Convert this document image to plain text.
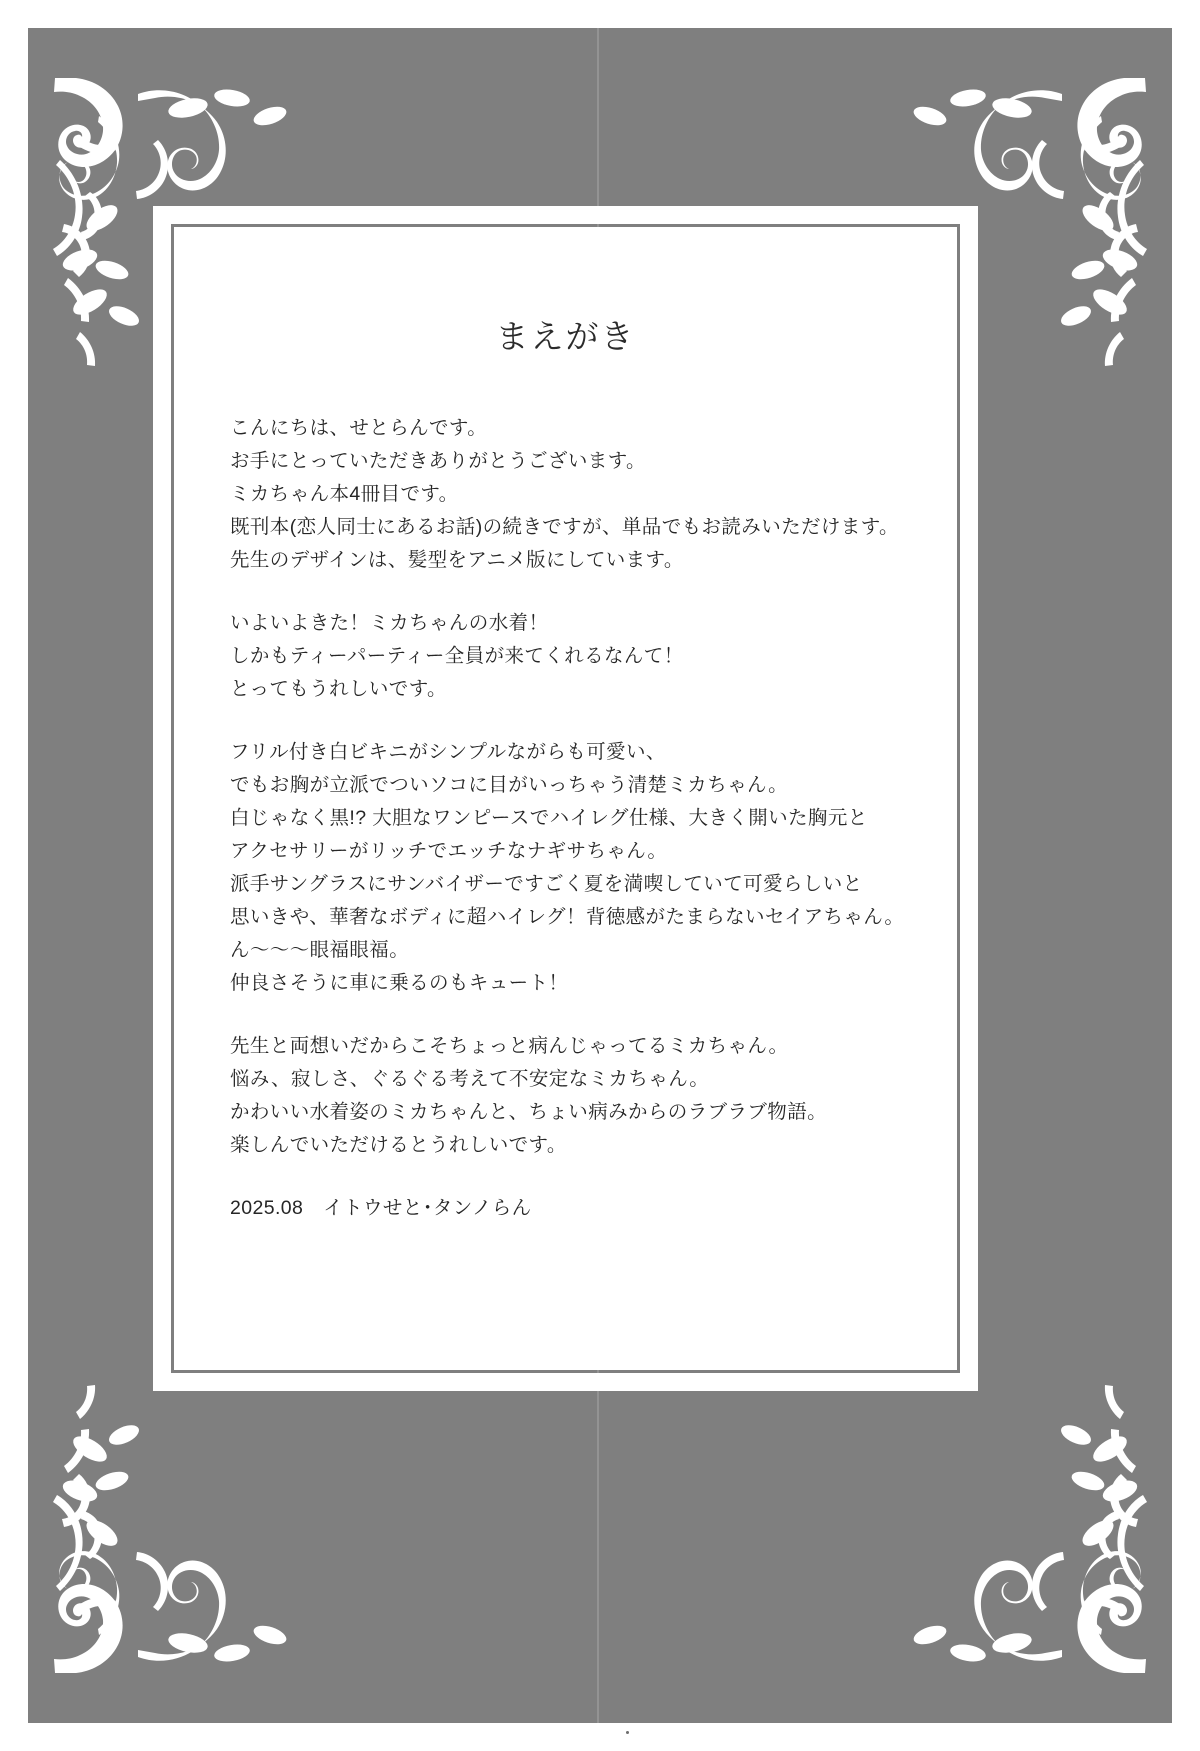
まえがき

こんにちは、せとらんです。
お手にとっていただきありがとうございます。
ミカちゃん本4冊目です。
既刊本(恋人同士にあるお話)の続きですが、単品でもお読みいただけます。
先生のデザインは、髪型をアニメ版にしています。

いよいよきた！ミカちゃんの水着！
しかもティーパーティー全員が来てくれるなんて！
とってもうれしいです。

フリル付き白ビキニがシンプルながらも可愛い、
でもお胸が立派でついソコに目がいっちゃう清楚ミカちゃん。
白じゃなく黒!? 大胆なワンピースでハイレグ仕様、大きく開いた胸元と
アクセサリーがリッチでエッチなナギサちゃん。
派手サングラスにサンバイザーですごく夏を満喫していて可愛らしいと
思いきや、華奢なボディに超ハイレグ！背徳感がたまらないセイアちゃん。
ん〜〜〜眼福眼福。
仲良さそうに車に乗るのもキュート！

先生と両想いだからこそちょっと病んじゃってるミカちゃん。
悩み、寂しさ、ぐるぐる考えて不安定なミカちゃん。
かわいい水着姿のミカちゃんと、ちょい病みからのラブラブ物語。
楽しんでいただけるとうれしいです。

2025.08　イトウせと･タンノらん
